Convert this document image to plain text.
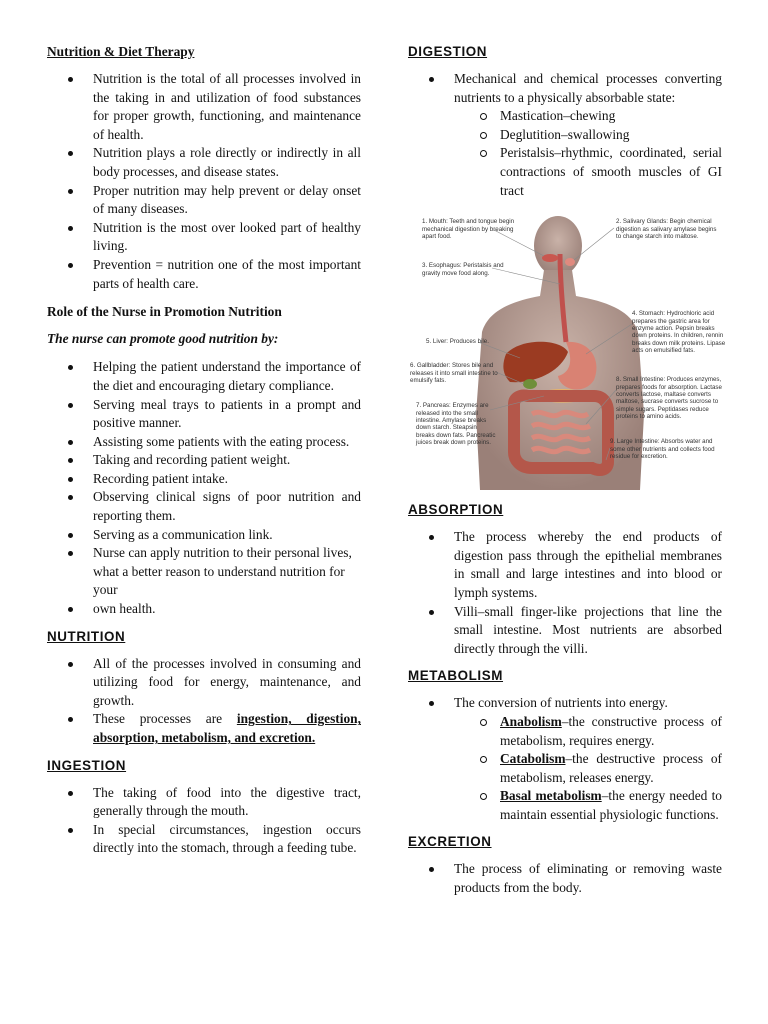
Nutrition & Diet Therapy

Nutrition is the total of all processes involved in the taking in and utilization of food substances for proper growth, functioning, and maintenance of health.
Nutrition plays a role directly or indirectly in all body processes, and disease states.
Proper nutrition may help prevent or delay onset of many diseases.
Nutrition is the most over looked part of healthy living.
Prevention = nutrition one of the most important parts of health care.

Role of the Nurse in Promotion Nutrition

The nurse can promote good nutrition by:

Helping the patient understand the importance of the diet and encouraging dietary compliance.
Serving meal trays to patients in a prompt and positive manner.
Assisting some patients with the eating process.
Taking and recording patient weight.
Recording patient intake.
Observing clinical signs of poor nutrition and reporting them.
Serving as a communication link.
Nurse can apply nutrition to their personal lives, what a better reason to understand nutrition for your
own health.

NUTRITION

All of the processes involved in consuming and utilizing food for energy, maintenance, and growth.
These processes are ingestion, digestion, absorption, metabolism, and excretion.

INGESTION

The taking of food into the digestive tract, generally through the mouth.
In special circumstances, ingestion occurs directly into the stomach, through a feeding tube.

DIGESTION

Mechanical and chemical processes converting nutrients to a physically absorbable state:
Mastication–chewing
Deglutition–swallowing
Peristalsis–rhythmic, coordinated, serial contractions of smooth muscles of GI tract
1. Mouth: Teeth and tongue begin mechanical digestion by breaking apart food.
2. Salivary Glands: Begin chemical digestion as salivary amylase begins to change starch into maltose.
3. Esophagus: Peristalsis and gravity move food along.
4. Stomach: Hydrochloric acid prepares the gastric area for enzyme action. Pepsin breaks down proteins. In children, rennin breaks down milk proteins. Lipase acts on emulsified fats.
5. Liver: Produces bile.
6. Gallbladder: Stores bile and releases it into small intestine to emulsify fats.	8. Small Intestine: Produces enzymes, prepares foods for absorption. Lactase converts lactose, maltase converts maltose, sucrase converts sucrose to simple sugars. Peptidases reduce proteins to amino acids.
7. Pancreas: Enzymes are released into the small intestine. Amylase breaks down starch. Steapsin breaks down fats. Pancreatic juices break down proteins.	9. Large Intestine: Absorbs water and some other nutrients and collects food residue for excretion.

ABSORPTION

The process whereby the end products of digestion pass through the epithelial membranes in small and large intestines and into blood or lymph systems.
Villi–small finger-like projections that line the small intestine. Most nutrients are absorbed directly through the villi.

METABOLISM

The conversion of nutrients into energy.
Anabolism–the constructive process of metabolism, requires energy.
Catabolism–the destructive process of metabolism, releases energy.
Basal metabolism–the energy needed to maintain essential physiologic functions.

EXCRETION

The process of eliminating or removing waste products from the body.
